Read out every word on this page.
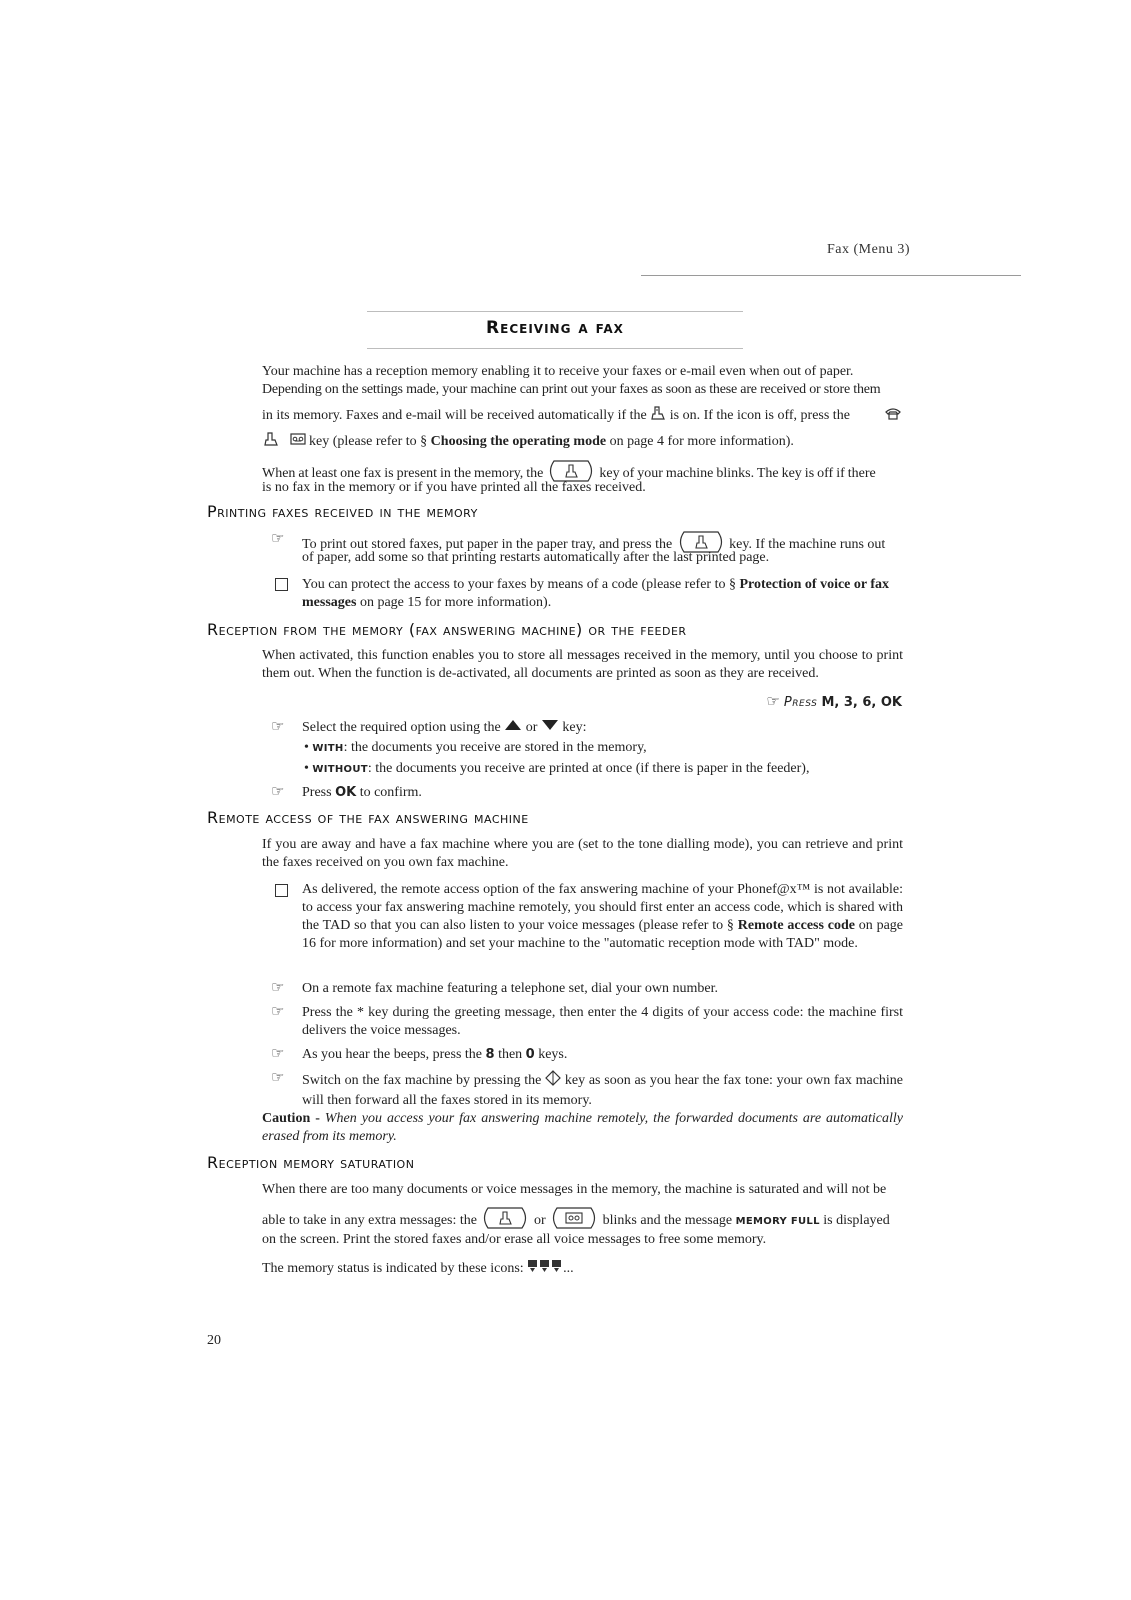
Fax (Menu 3)
Receiving a fax
Your machine has a reception memory enabling it to receive your faxes or e-mail even when out of paper.
Depending on the settings made, your machine can print out your faxes as soon as these are received or store them
in its memory. Faxes and e-mail will be received automatically if the is on. If the icon is off, press the
key (please refer to § Choosing the operating mode on page 4 for more information).
When at least one fax is present in the memory, the	key of your machine blinks. The key is off if there
is no fax in the memory or if you have printed all the faxes received.
Printing faxes received in the memory
☞ To print out stored faxes, put paper in the paper tray, and press the	key. If the machine runs out
of paper, add some so that printing restarts automatically after the last printed page.
You can protect the access to your faxes by means of a code (please refer to § Protection of voice or fax
messages on page 15 for more information).
Reception from the memory (fax answering machine) or the feeder
When activated, this function enables you to store all messages received in the memory, until you choose to print them out. When the function is de-activated, all documents are printed as soon as they are received.
☞ Press M, 3, 6, OK
☞ Select the required option using the or key:
• WITH: the documents you receive are stored in the memory,
• WITHOUT: the documents you receive are printed at once (if there is paper in the feeder),
☞ Press OK to confirm.
Remote access of the fax answering machine
If you are away and have a fax machine where you are (set to the tone dialling mode), you can retrieve and print the faxes received on you own fax machine.
As delivered, the remote access option of the fax answering machine of your Phonef@x™ is not available: to access your fax answering machine remotely, you should first enter an access code, which is shared with the TAD so that you can also listen to your voice messages (please refer to § Remote access code on page 16 for more information) and set your machine to the "automatic reception mode with TAD" mode.
☞ On a remote fax machine featuring a telephone set, dial your own number.
☞ Press the * key during the greeting message, then enter the 4 digits of your access code: the machine first delivers the voice messages.
☞ As you hear the beeps, press the 8 then 0 keys.
☞ Switch on the fax machine by pressing the key as soon as you hear the fax tone: your own fax machine will then forward all the faxes stored in its memory.
Caution - When you access your fax answering machine remotely, the forwarded documents are automatically erased from its memory.
Reception memory saturation
When there are too many documents or voice messages in the memory, the machine is saturated and will not be
able to take in any extra messages: the	or	blinks and the message MEMORY FULL is displayed
on the screen. Print the stored faxes and/or erase all voice messages to free some memory.
The memory status is indicated by these icons:	...
20
